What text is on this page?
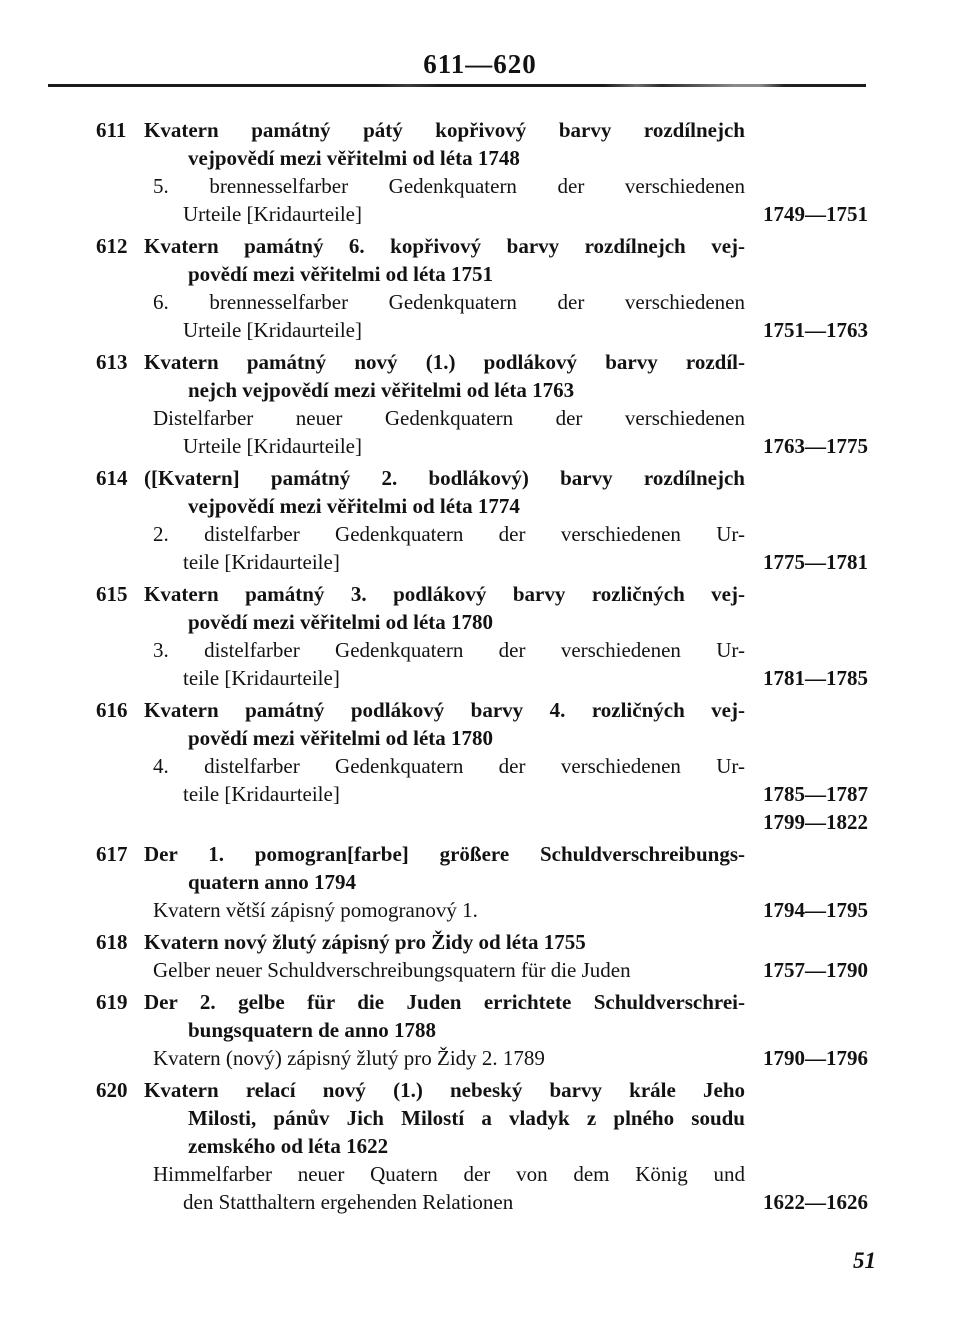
611—620
611 Kvatern památný pátý kopřivový barvy rozdílnejch
vejpovědí mezi věřitelmi od léta 1748
5. brennesselfarber Gedenkquatern der verschiedenen
Urteile [Kridaurteile]	1749—1751
612 Kvatern památný 6. kopřivový barvy rozdílnejch vej-
povědí mezi věřitelmi od léta 1751
6. brennesselfarber Gedenkquatern der verschiedenen
Urteile [Kridaurteile]	1751—1763
613 Kvatern památný nový (1.) podlákový barvy rozdíl-
nejch vejpovědí mezi věřitelmi od léta 1763
Distelfarber neuer Gedenkquatern der verschiedenen
Urteile [Kridaurteile]	1763—1775
614 ([Kvatern] památný 2. bodlákový) barvy rozdílnejch
vejpovědí mezi věřitelmi od léta 1774
2. distelfarber Gedenkquatern der verschiedenen Ur-
teile [Kridaurteile]	1775—1781
615 Kvatern památný 3. podlákový barvy rozličných vej-
povědí mezi věřitelmi od léta 1780
3. distelfarber Gedenkquatern der verschiedenen Ur-
teile [Kridaurteile]	1781—1785
616 Kvatern památný podlákový barvy 4. rozličných vej-
povědí mezi věřitelmi od léta 1780
4. distelfarber Gedenkquatern der verschiedenen Ur-
teile [Kridaurteile]	1785—1787
1799—1822
617 Der 1. pomogran[farbe] größere Schuldverschreibungs-
quatern anno 1794
Kvatern větší zápisný pomogranový 1.	1794—1795
618 Kvatern nový žlutý zápisný pro Židy od léta 1755
Gelber neuer Schuldverschreibungsquatern für die Juden	1757—1790
619 Der 2. gelbe für die Juden errichtete Schuldverschrei-
bungsquatern de anno 1788
Kvatern (nový) zápisný žlutý pro Židy 2. 1789	1790—1796
620 Kvatern relací nový (1.) nebeský barvy krále Jeho
Milosti, pánův Jich Milostí a vladyk z plného soudu
zemského od léta 1622
Himmelfarber neuer Quatern der von dem König und
den Statthaltern ergehenden Relationen	1622—1626
51
